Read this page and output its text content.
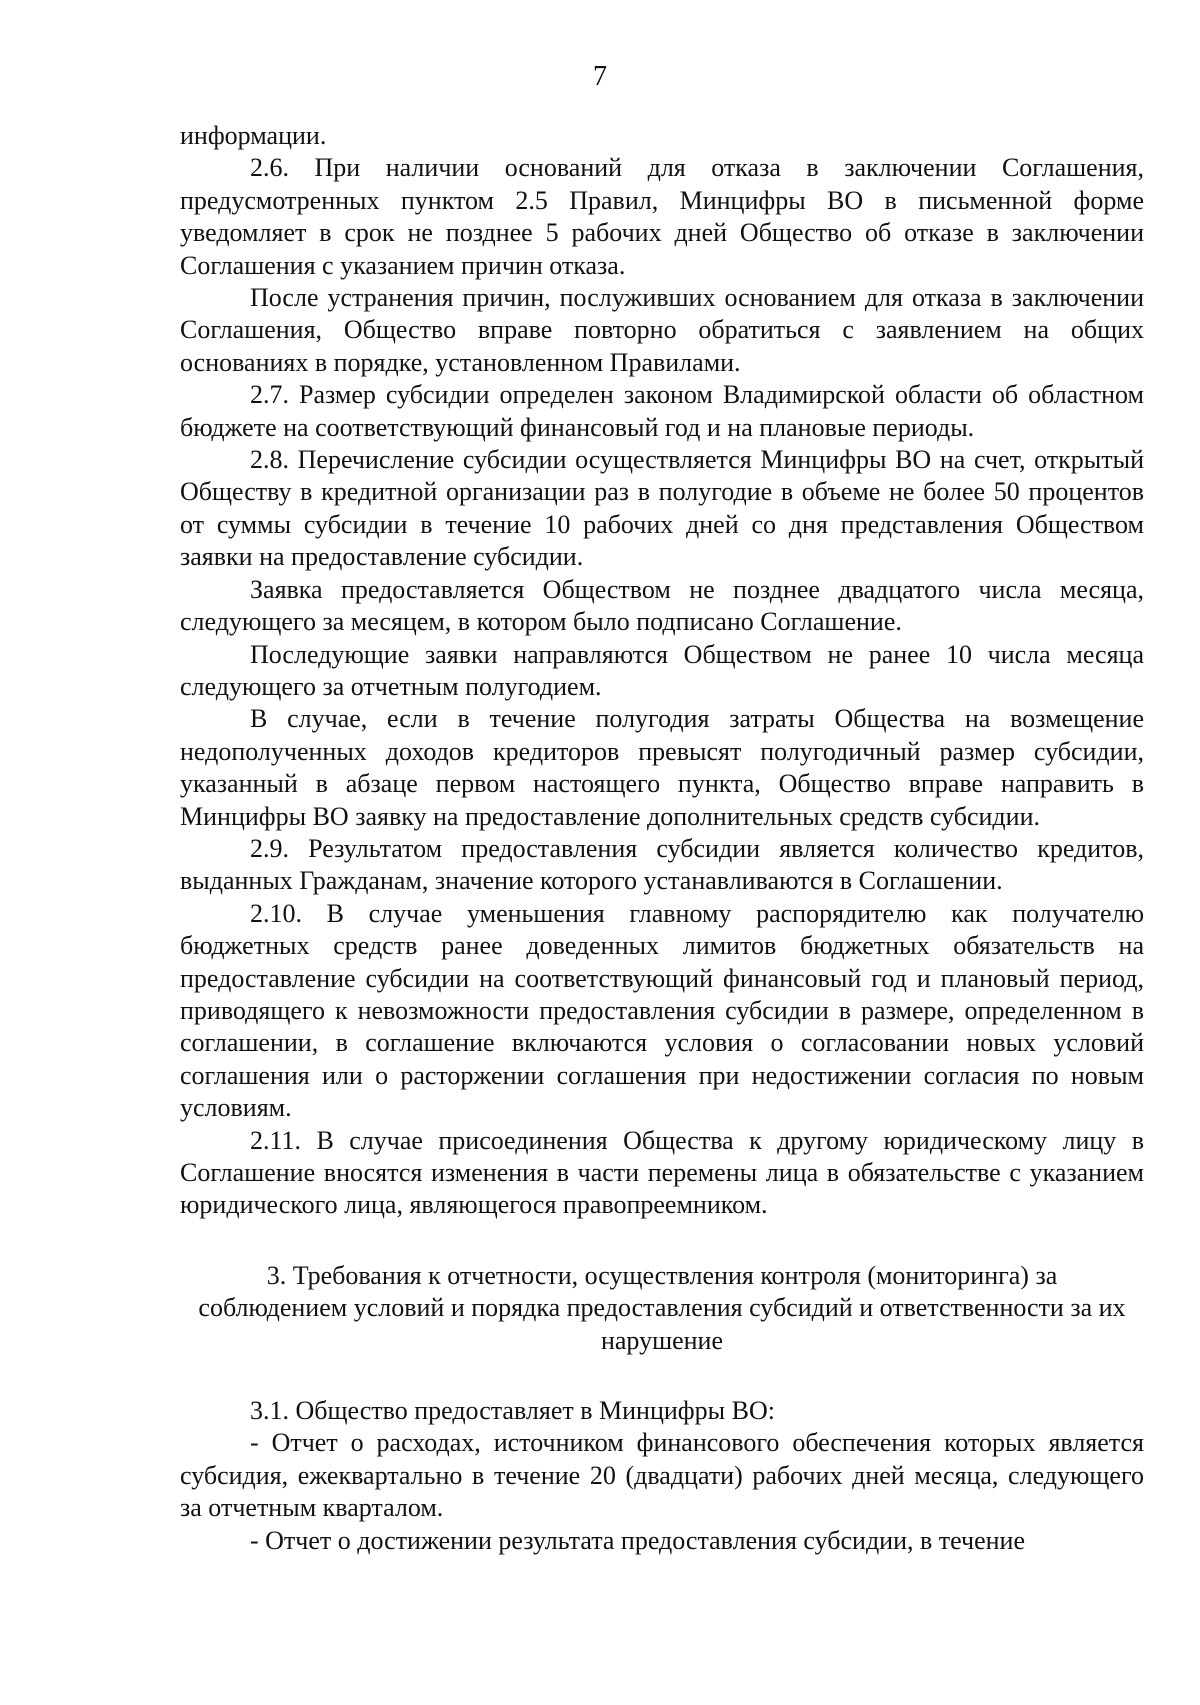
7

информации.

2.6. При наличии оснований для отказа в заключении Соглашения, предусмотренных пунктом 2.5 Правил, Минцифры ВО в письменной форме уведомляет в срок не позднее 5 рабочих дней Общество об отказе в заключении Соглашения с указанием причин отказа.

После устранения причин, послуживших основанием для отказа в заключении Соглашения, Общество вправе повторно обратиться с заявлением на общих основаниях в порядке, установленном Правилами.

2.7. Размер субсидии определен законом Владимирской области об областном бюджете на соответствующий финансовый год и на плановые периоды.

2.8. Перечисление субсидии осуществляется Минцифры ВО на счет, открытый Обществу в кредитной организации раз в полугодие в объеме не более 50 процентов от суммы субсидии в течение 10 рабочих дней со дня представления Обществом заявки на предоставление субсидии.

Заявка предоставляется Обществом не позднее двадцатого числа месяца, следующего за месяцем, в котором было подписано Соглашение.

Последующие заявки направляются Обществом не ранее 10 числа месяца следующего за отчетным полугодием.

В случае, если в течение полугодия затраты Общества на возмещение недополученных доходов кредиторов превысят полугодичный размер субсидии, указанный в абзаце первом настоящего пункта, Общество вправе направить в Минцифры ВО заявку на предоставление дополнительных средств субсидии.

2.9. Результатом предоставления субсидии является количество кредитов, выданных Гражданам, значение которого устанавливаются в Соглашении.

2.10. В случае уменьшения главному распорядителю как получателю бюджетных средств ранее доведенных лимитов бюджетных обязательств на предоставление субсидии на соответствующий финансовый год и плановый период, приводящего к невозможности предоставления субсидии в размере, определенном в соглашении, в соглашение включаются условия о согласовании новых условий соглашения или о расторжении соглашения при недостижении согласия по новым условиям.

2.11. В случае присоединения Общества к другому юридическому лицу в Соглашение вносятся изменения в части перемены лица в обязательстве с указанием юридического лица, являющегося правопреемником.

3. Требования к отчетности, осуществления контроля (мониторинга) за соблюдением условий и порядка предоставления субсидий и ответственности за их нарушение

3.1. Общество предоставляет в Минцифры ВО:

- Отчет о расходах, источником финансового обеспечения которых является субсидия, ежеквартально в течение 20 (двадцати) рабочих дней месяца, следующего за отчетным кварталом.

- Отчет о достижении результата предоставления субсидии, в течение
